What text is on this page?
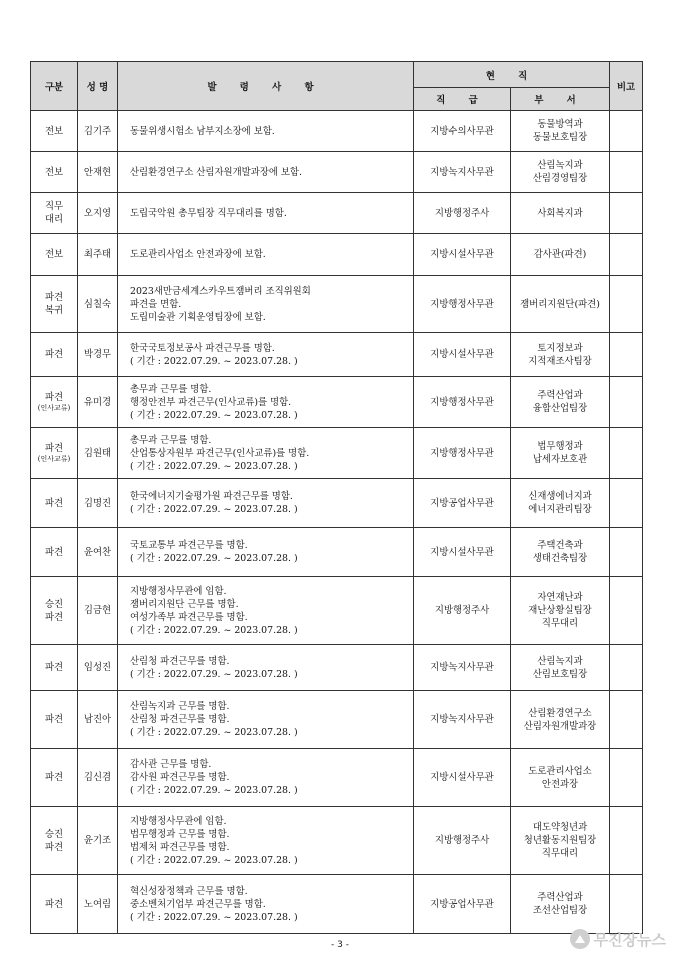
구분	성 명	발 령 사 항	현 직		비고
			직 급	부 서	

전보	김기주	동물위생시험소 남부지소장에 보함.	지방수의사무관	동물방역과
동물보호팀장	

전보	안재현	산림환경연구소 산림자원개발과장에 보함.	지방녹지사무관	산림녹지과
산림경영팀장	

직무
대리	오지영	도립국악원 총무팀장 직무대리를 명함.	지방행정주사	사회복지과	

전보	최주태	도로관리사업소 안전과장에 보함.	지방시설사무관	감사관(파견)	

파견
복귀	심칠숙	2023새만금세계스카우트잼버리 조직위원회
파견을 면함.
도립미술관 기획운영팀장에 보함.	지방행정사무관	잼버리지원단(파견)	

파견	박경무	한국국토정보공사 파견근무를 명함.
( 기간 : 2022.07.29. ~ 2023.07.28. )	지방시설사무관	토지정보과
지적재조사팀장	

파견
(인사교류)	유미경	총무과 근무를 명함.
행정안전부 파견근무(인사교류)를 명함.
( 기간 : 2022.07.29. ~ 2023.07.28. )	지방행정사무관	주력산업과
융합산업팀장	

파견
(인사교류)	김원태	총무과 근무를 명함.
산업통상자원부 파견근무(인사교류)를 명함.
( 기간 : 2022.07.29. ~ 2023.07.28. )	지방행정사무관	법무행정과
납세자보호관	

파견	김명진	한국에너지기술평가원 파견근무를 명함.
( 기간 : 2022.07.29. ~ 2023.07.28. )	지방공업사무관	신재생에너지과
에너지관리팀장	

파견	윤여찬	국토교통부 파견근무를 명함.
( 기간 : 2022.07.29. ~ 2023.07.28. )	지방시설사무관	주택건축과
생태건축팀장	

승진
파견	김금현	지방행정사무관에 임함.
잼버리지원단 근무를 명함.
여성가족부 파견근무를 명함.
( 기간 : 2022.07.29. ~ 2023.07.28. )	지방행정주사	자연재난과
재난상황실팀장
직무대리	

파견	임성진	산림청 파견근무를 명함.
( 기간 : 2022.07.29. ~ 2023.07.28. )	지방녹지사무관	산림녹지과
산림보호팀장	

파견	남진아	산림녹지과 근무를 명함.
산림청 파견근무를 명함.
( 기간 : 2022.07.29. ~ 2023.07.28. )	지방녹지사무관	산림환경연구소
산림자원개발과장	

파견	김신겸	감사관 근무를 명함.
감사원 파견근무를 명함.
( 기간 : 2022.07.29. ~ 2023.07.28. )	지방시설사무관	도로관리사업소
안전과장	

승진
파견	윤기조	지방행정사무관에 임함.
법무행정과 근무를 명함.
법제처 파견근무를 명함.
( 기간 : 2022.07.29. ~ 2023.07.28. )	지방행정주사	대도약청년과
청년활동지원팀장
직무대리	

파견	노여림	혁신성장정책과 근무를 명함.
중소벤처기업부 파견근무를 명함.
( 기간 : 2022.07.29. ~ 2023.07.28. )	지방공업사무관	주력산업과
조선산업팀장	

- 3 -	무진장뉴스
